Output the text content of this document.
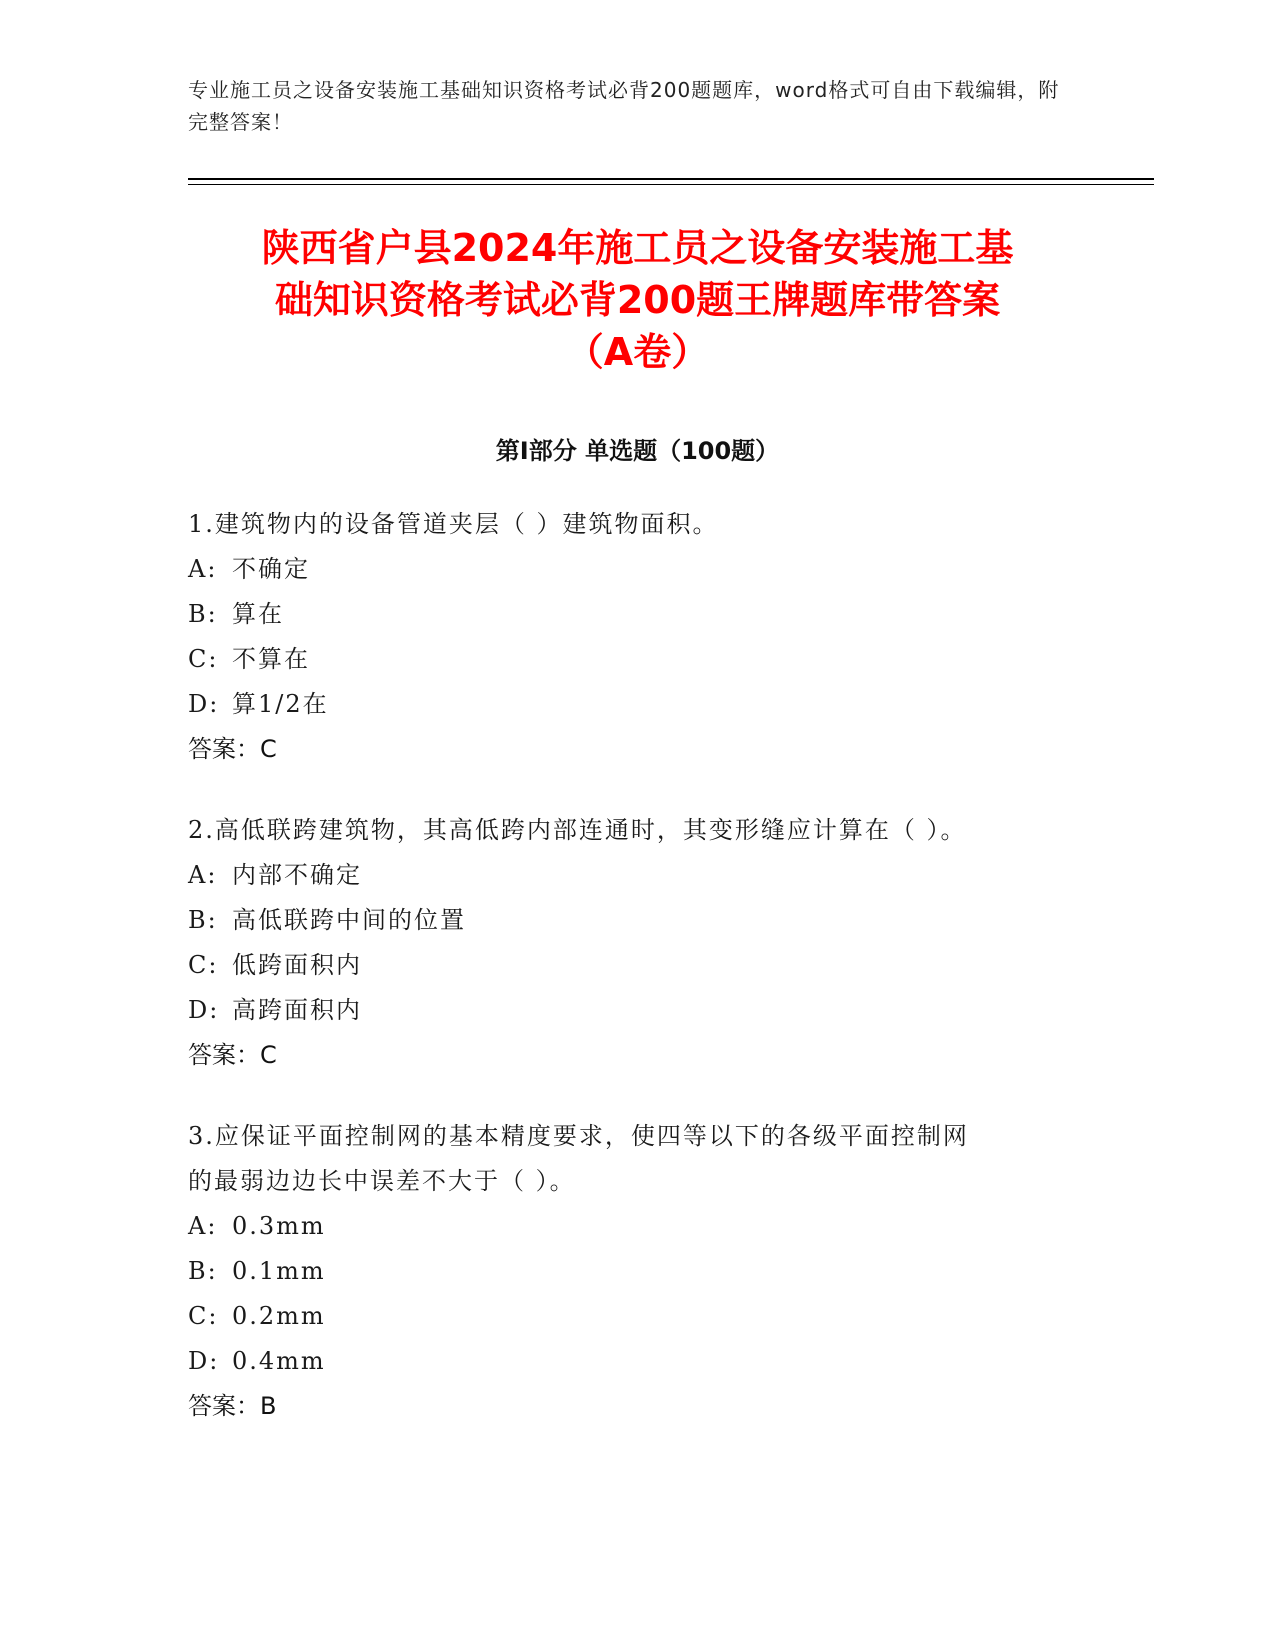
专业施工员之设备安装施工基础知识资格考试必背200题题库，word格式可自由下载编辑，附完整答案！
陕西省户县2024年施工员之设备安装施工基
础知识资格考试必背200题王牌题库带答案
（A卷）
第Ⅰ部分 单选题（100题）
1.建筑物内的设备管道夹层（ ）建筑物面积。
A: 不确定
B: 算在
C: 不算在
D: 算1/2在
答案：C
2.高低联跨建筑物，其高低跨内部连通时，其变形缝应计算在（ ）。
A: 内部不确定
B: 高低联跨中间的位置
C: 低跨面积内
D: 高跨面积内
答案：C
3.应保证平面控制网的基本精度要求，使四等以下的各级平面控制网
的最弱边边长中误差不大于（ ）。
A: 0.3mm
B: 0.1mm
C: 0.2mm
D: 0.4mm
答案：B
